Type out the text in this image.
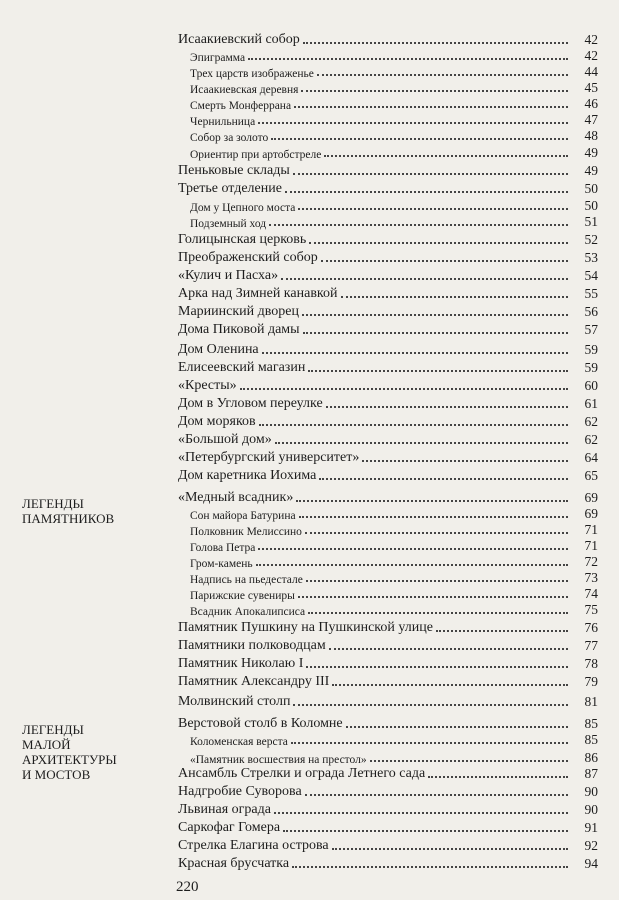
ЛЕГЕНДЫ
ПАМЯТНИКОВ
ЛЕГЕНДЫ
МАЛОЙ
АРХИТЕКТУРЫ
И МОСТОВ
Исаакиевский собор	42
Эпиграмма	42
Трех царств изображенье	44
Исаакиевская деревня	45
Смерть Монферрана	46
Чернильница	47
Собор за золото	48
Ориентир при артобстреле	49
Пеньковые склады	49
Третье отделение	50
Дом у Цепного моста	50
Подземный ход	51
Голицынская церковь	52
Преображенский собор	53
«Кулич и Пасха»	54
Арка над Зимней канавкой	55
Мариинский дворец	56
Дома Пиковой дамы	57
Дом Оленина	59
Елисеевский магазин	59
«Кресты»	60
Дом в Угловом переулке	61
Дом моряков	62
«Большой дом»	62
«Петербургский университет»	64
Дом каретника Иохима	65
«Медный всадник»	69
Сон майора Батурина	69
Полковник Мелиссино	71
Голова Петра	71
Гром-камень	72
Надпись на пьедестале	73
Парижские сувениры	74
Всадник Апокалипсиса	75
Памятник Пушкину на Пушкинской улице	76
Памятники полководцам	77
Памятник Николаю I	78
Памятник Александру III	79
Молвинский столп	81
Верстовой столб в Коломне	85
Коломенская верста	85
«Памятник восшествия на престол»	86
Ансамбль Стрелки и ограда Летнего сада	87
Надгробие Суворова	90
Львиная ограда	90
Саркофаг Гомера	91
Стрелка Елагина острова	92
Красная брусчатка	94
220
